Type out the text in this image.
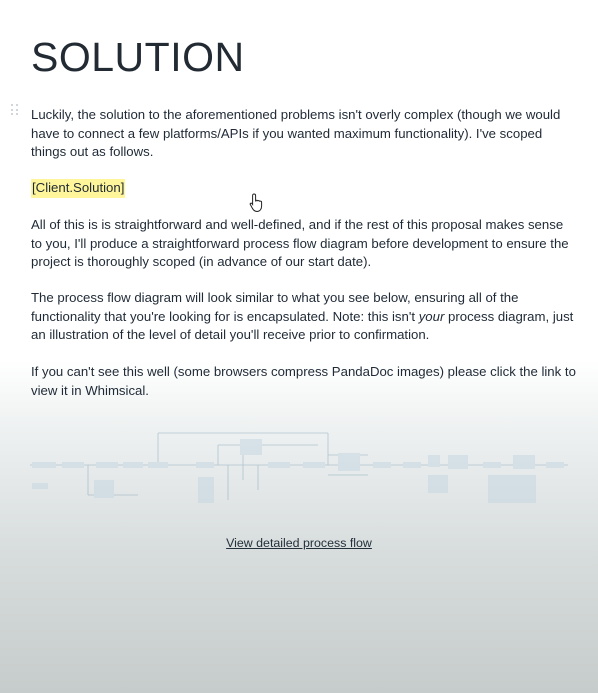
SOLUTION

Luckily, the solution to the aforementioned problems isn't overly complex (though we would have to connect a few platforms/APIs if you wanted maximum functionality). I've scoped things out as follows.

[Client.Solution]

All of this is is straightforward and well-defined, and if the rest of this proposal makes sense to you, I'll produce a straightforward process flow diagram before development to ensure the project is thoroughly scoped (in advance of our start date).

The process flow diagram will look similar to what you see below, ensuring all of the functionality that you're looking for is encapsulated. Note: this isn't your process diagram, just an illustration of the level of detail you'll receive prior to confirmation.

If you can't see this well (some browsers compress PandaDoc images) please click the link to view it in Whimsical.

View detailed process flow
